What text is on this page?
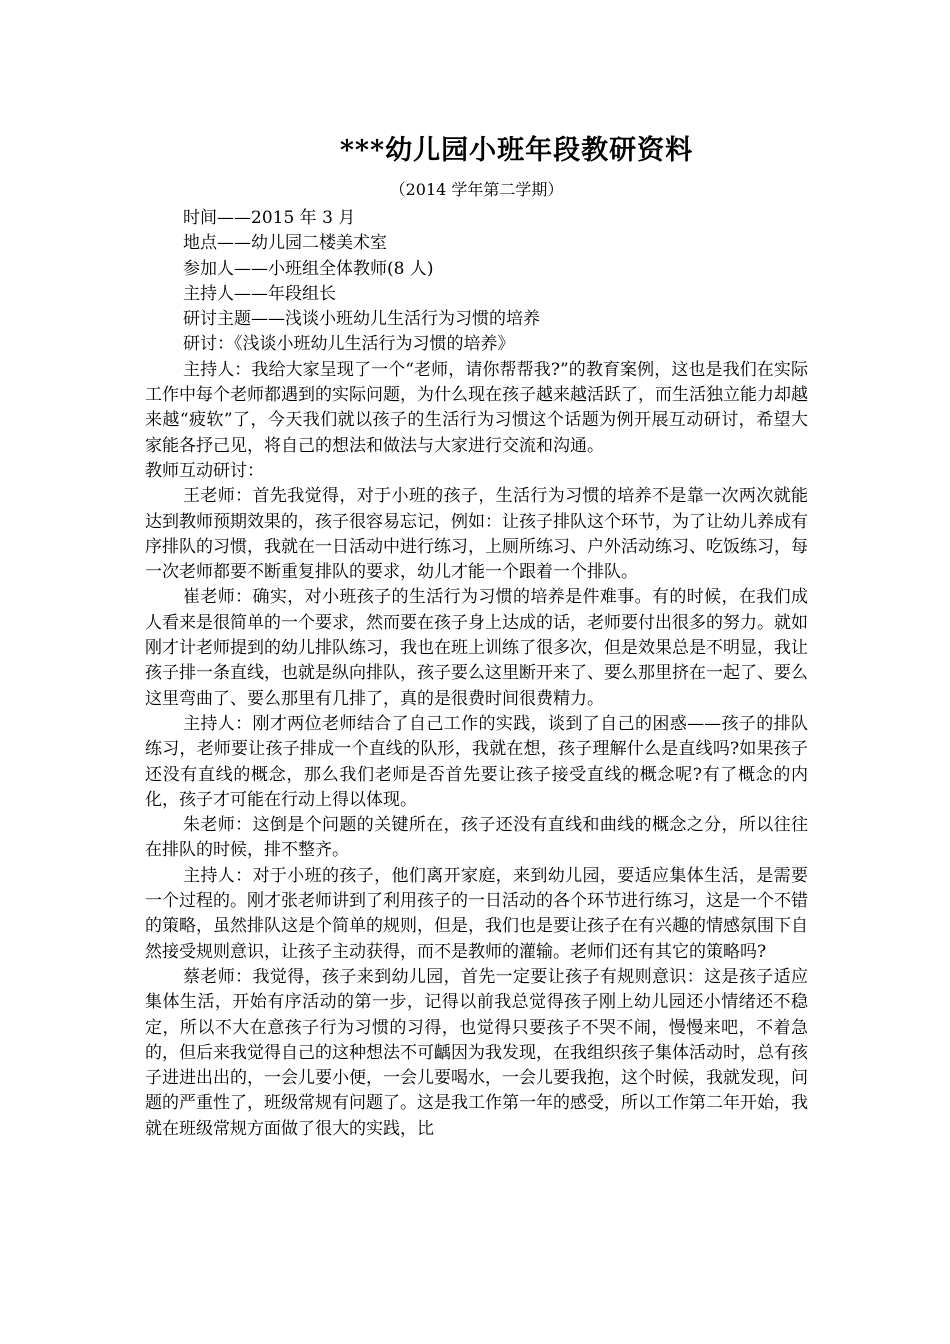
***幼儿园小班年段教研资料

（2014 学年第二学期）

时间——2015 年 3 月

地点——幼儿园二楼美术室

参加人——小班组全体教师(8 人)

主持人——年段组长

研讨主题——浅谈小班幼儿生活行为习惯的培养

研讨：《浅谈小班幼儿生活行为习惯的培养》

主持人：我给大家呈现了一个“老师，请你帮帮我?”的教育案例，这也是我们在实际工作中每个老师都遇到的实际问题，为什么现在孩子越来越活跃了，而生活独立能力却越来越“疲软”了，今天我们就以孩子的生活行为习惯这个话题为例开展互动研讨，希望大家能各抒己见，将自己的想法和做法与大家进行交流和沟通。

教师互动研讨：

王老师：首先我觉得，对于小班的孩子，生活行为习惯的培养不是靠一次两次就能达到教师预期效果的，孩子很容易忘记，例如：让孩子排队这个环节，为了让幼儿养成有序排队的习惯，我就在一日活动中进行练习，上厕所练习、户外活动练习、吃饭练习，每一次老师都要不断重复排队的要求，幼儿才能一个跟着一个排队。

崔老师：确实，对小班孩子的生活行为习惯的培养是件难事。有的时候，在我们成人看来是很简单的一个要求，然而要在孩子身上达成的话，老师要付出很多的努力。就如刚才计老师提到的幼儿排队练习，我也在班上训练了很多次，但是效果总是不明显，我让孩子排一条直线，也就是纵向排队，孩子要么这里断开来了、要么那里挤在一起了、要么这里弯曲了、要么那里有几排了，真的是很费时间很费精力。

主持人：刚才两位老师结合了自己工作的实践，谈到了自己的困惑——孩子的排队练习，老师要让孩子排成一个直线的队形，我就在想，孩子理解什么是直线吗?如果孩子还没有直线的概念，那么我们老师是否首先要让孩子接受直线的概念呢?有了概念的内化，孩子才可能在行动上得以体现。

朱老师：这倒是个问题的关键所在，孩子还没有直线和曲线的概念之分，所以往往在排队的时候，排不整齐。

主持人：对于小班的孩子，他们离开家庭，来到幼儿园，要适应集体生活，是需要一个过程的。刚才张老师讲到了利用孩子的一日活动的各个环节进行练习，这是一个不错的策略，虽然排队这是个简单的规则，但是，我们也是要让孩子在有兴趣的情感氛围下自然接受规则意识，让孩子主动获得，而不是教师的灌输。老师们还有其它的策略吗?

蔡老师：我觉得，孩子来到幼儿园，首先一定要让孩子有规则意识：这是孩子适应集体生活，开始有序活动的第一步，记得以前我总觉得孩子刚上幼儿园还小情绪还不稳定，所以不大在意孩子行为习惯的习得，也觉得只要孩子不哭不闹，慢慢来吧，不着急的，但后来我觉得自己的这种想法不可齲因为我发现，在我组织孩子集体活动时，总有孩子进进出出的，一会儿要小便，一会儿要喝水，一会儿要我抱，这个时候，我就发现，问题的严重性了，班级常规有问题了。这是我工作第一年的感受，所以工作第二年开始，我就在班级常规方面做了很大的实践，比
